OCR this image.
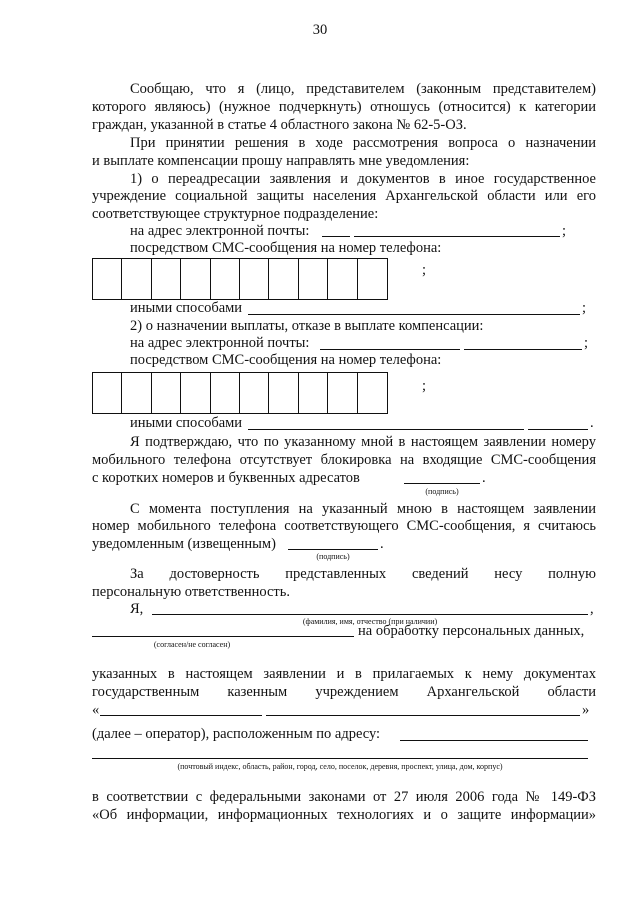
30
Сообщаю, что я (лицо, представителем (законным представителем)
которого являюсь) (нужное подчеркнуть) отношусь (относится) к категории
граждан, указанной в статье 4 областного закона № 62-5-ОЗ.
При принятии решения в ходе рассмотрения вопроса о назначении
и выплате компенсации прошу направлять мне уведомления:
1) о переадресации заявления и документов в иное государственное
учреждение социальной защиты населения Архангельской области или его
соответствующее структурное подразделение:
на адрес электронной почты:	;
посредством СМС-сообщения на номер телефона:
;
иными способами	;
2) о назначении выплаты, отказе в выплате компенсации:
на адрес электронной почты:	;
посредством СМС-сообщения на номер телефона:
;
иными способами	.
Я подтверждаю, что по указанному мной в настоящем заявлении номеру
мобильного телефона отсутствует блокировка на входящие СМС-сообщения
с коротких номеров и буквенных адресатов	.
(подпись)
С момента поступления на указанный мною в настоящем заявлении
номер мобильного телефона соответствующего СМС-сообщения, я считаюсь
уведомленным (извещенным)	.
(подпись)
За достоверность представленных сведений несу полную
персональную ответственность.
Я,	,
(фамилия, имя, отчество (при наличии)
на обработку персональных данных,
(согласен/не согласен)
указанных в настоящем заявлении и в прилагаемых к нему документах
государственным казенным учреждением Архангельской области
«	»
(далее – оператор), расположенным по адресу:
(почтовый индекс, область, район, город, село, поселок, деревня, проспект, улица, дом, корпус)
в соответствии с федеральными законами от 27 июля 2006 года № 149-ФЗ
«Об информации, информационных технологиях и о защите информации»
